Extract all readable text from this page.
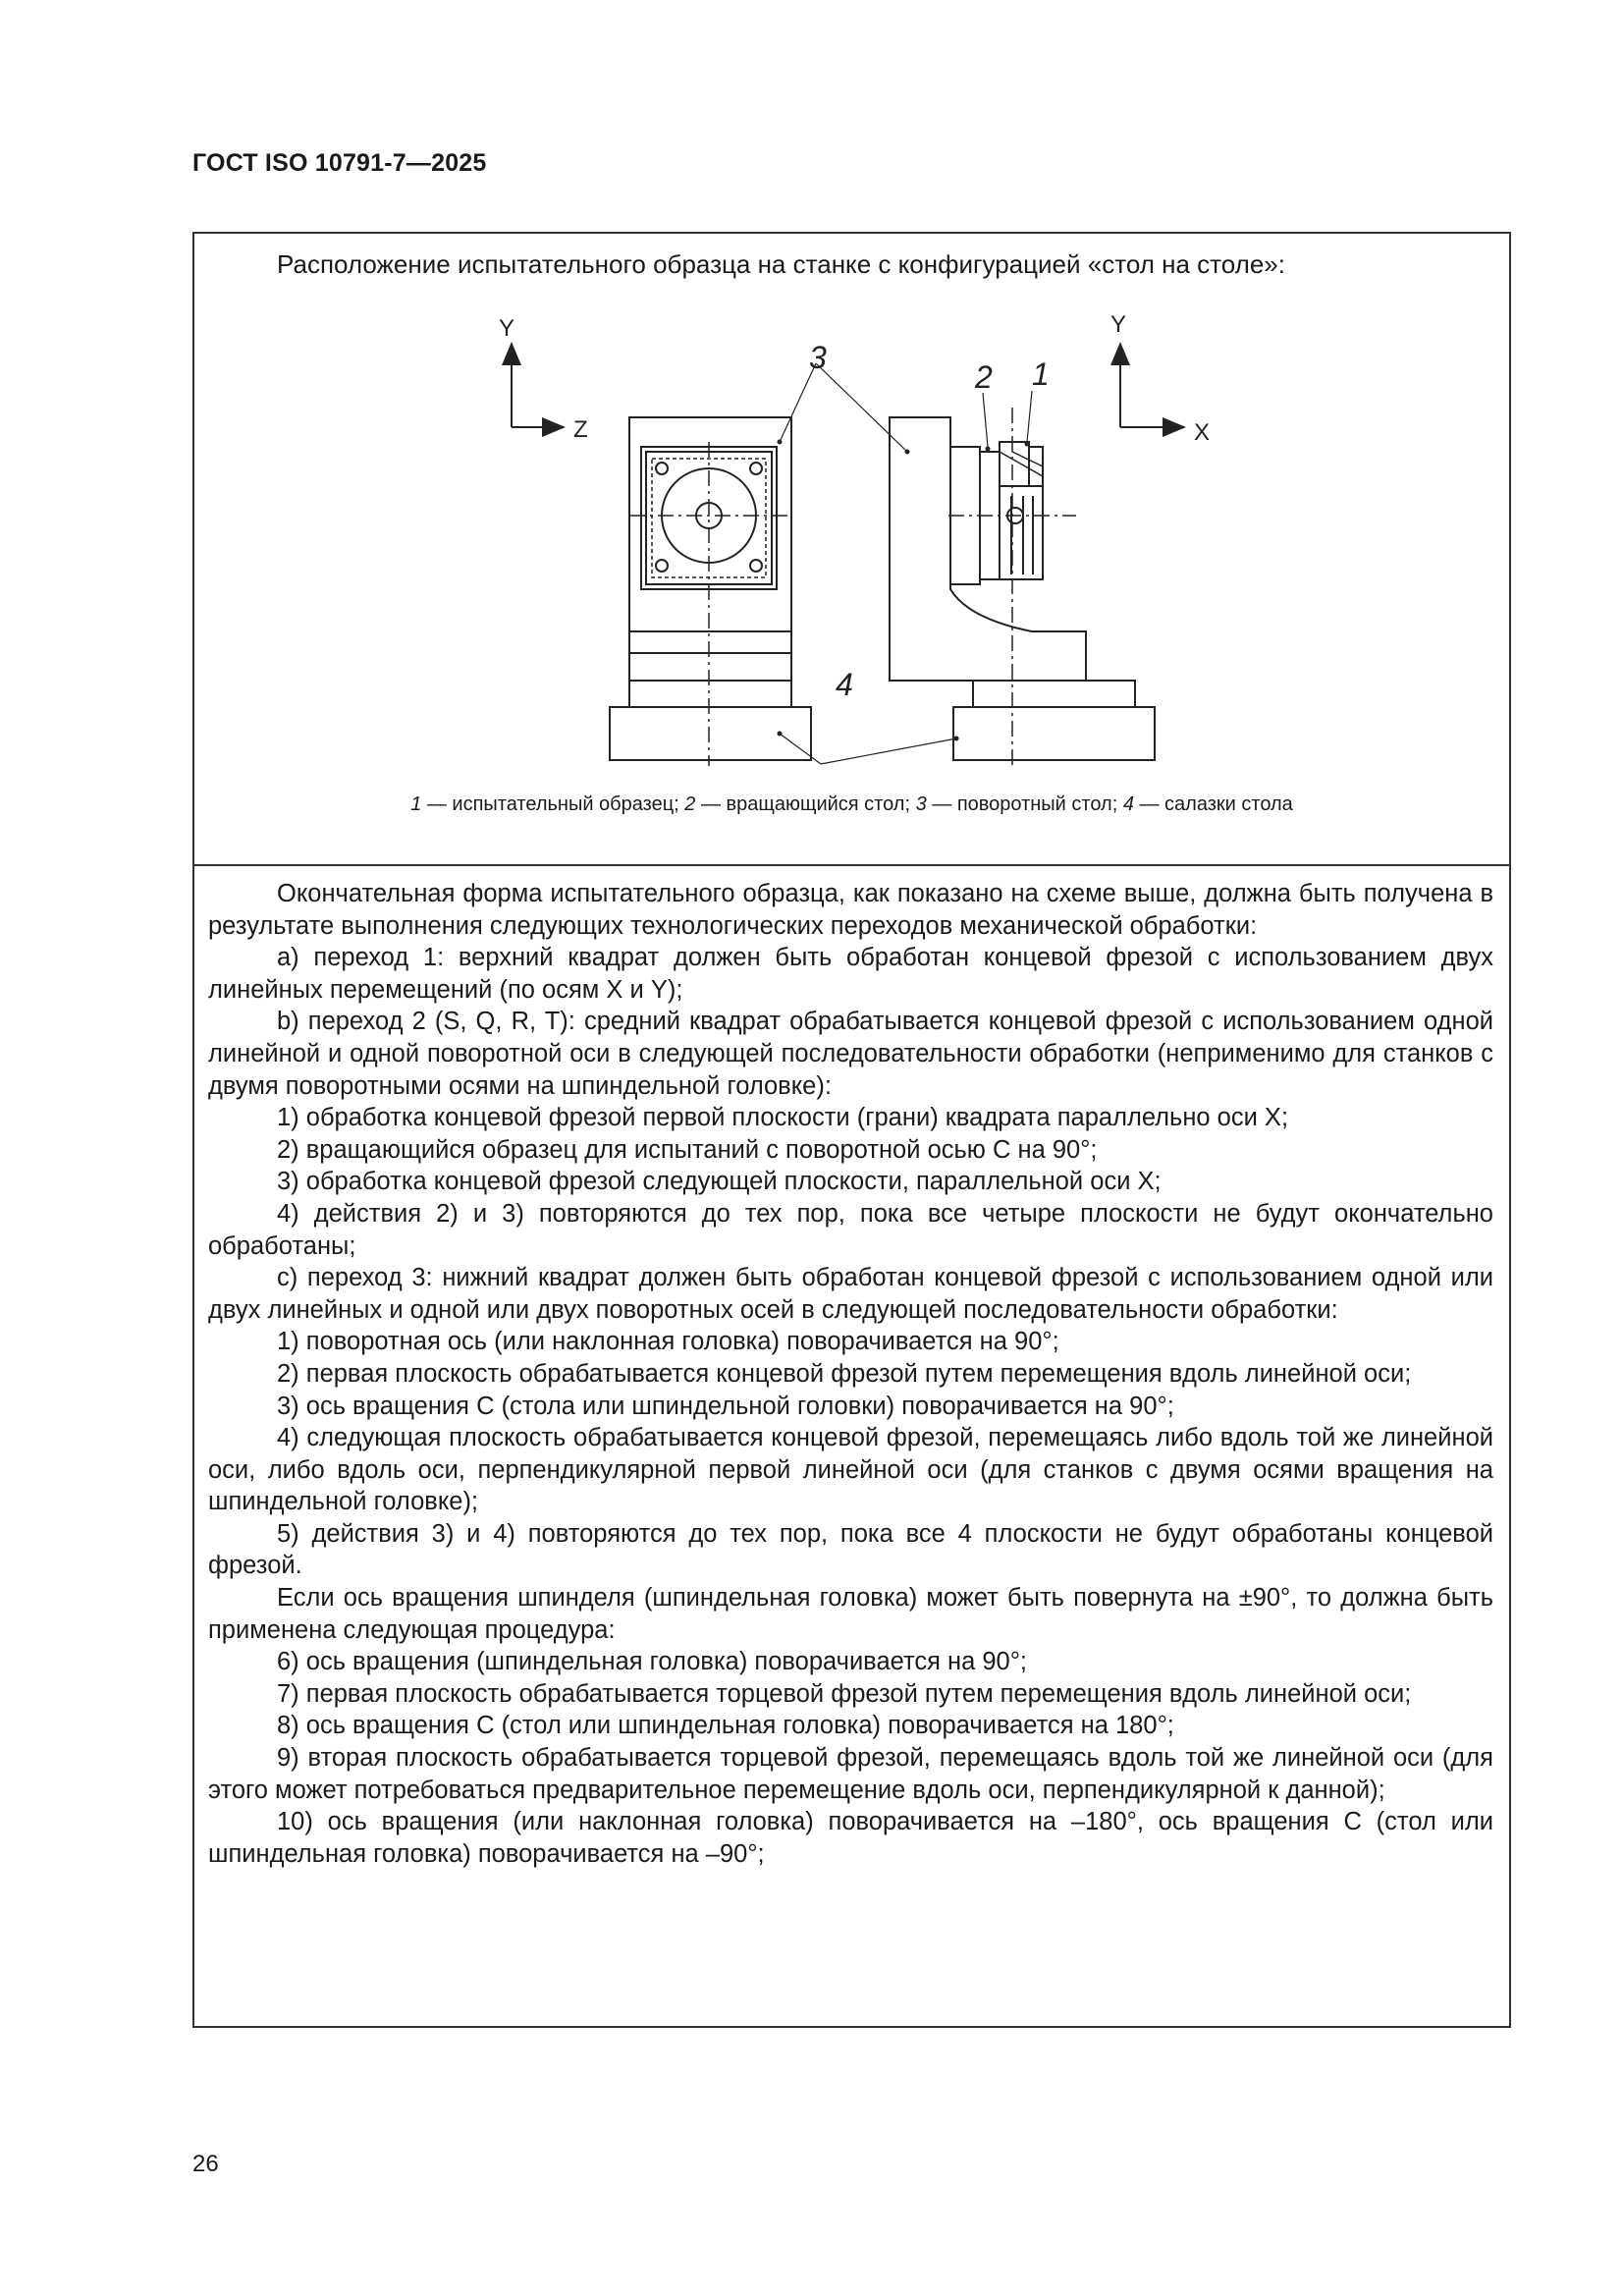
ГОСТ ISO 10791-7—2025
Расположение испытательного образца на станке с конфигурацией «стол на столе»:
Y
Z
Y
X
3
2 1
4
1 — испытательный образец; 2 — вращающийся стол; 3 — поворотный стол; 4 — салазки стола

Окончательная форма испытательного образца, как показано на схеме выше, должна быть получена в результате выполнения следующих технологических переходов механической обработки:

a) переход 1: верхний квадрат должен быть обработан концевой фрезой с использованием двух линейных перемещений (по осям X и Y);

b) переход 2 (S, Q, R, T): средний квадрат обрабатывается концевой фрезой с использованием одной линейной и одной поворотной оси в следующей последовательности обработки (неприменимо для станков с двумя поворотными осями на шпиндельной головке):

1) обработка концевой фрезой первой плоскости (грани) квадрата параллельно оси X;

2) вращающийся образец для испытаний с поворотной осью C на 90°;

3) обработка концевой фрезой следующей плоскости, параллельной оси X;

4) действия 2) и 3) повторяются до тех пор, пока все четыре плоскости не будут окончательно обработаны;

c) переход 3: нижний квадрат должен быть обработан концевой фрезой с использованием одной или двух линейных и одной или двух поворотных осей в следующей последовательности обработки:

1) поворотная ось (или наклонная головка) поворачивается на 90°;

2) первая плоскость обрабатывается концевой фрезой путем перемещения вдоль линейной оси;

3) ось вращения C (стола или шпиндельной головки) поворачивается на 90°;

4) следующая плоскость обрабатывается концевой фрезой, перемещаясь либо вдоль той же линейной оси, либо вдоль оси, перпендикулярной первой линейной оси (для станков с двумя осями вращения на шпиндельной головке);

5) действия 3) и 4) повторяются до тех пор, пока все 4 плоскости не будут обработаны концевой фрезой.

Если ось вращения шпинделя (шпиндельная головка) может быть повернута на ±90°, то должна быть применена следующая процедура:

6) ось вращения (шпиндельная головка) поворачивается на 90°;

7) первая плоскость обрабатывается торцевой фрезой путем перемещения вдоль линейной оси;

8) ось вращения C (стол или шпиндельная головка) поворачивается на 180°;

9) вторая плоскость обрабатывается торцевой фрезой, перемещаясь вдоль той же линейной оси (для этого может потребоваться предварительное перемещение вдоль оси, перпендикулярной к данной);

10) ось вращения (или наклонная головка) поворачивается на –180°, ось вращения C (стол или шпиндельная головка) поворачивается на –90°;

26
